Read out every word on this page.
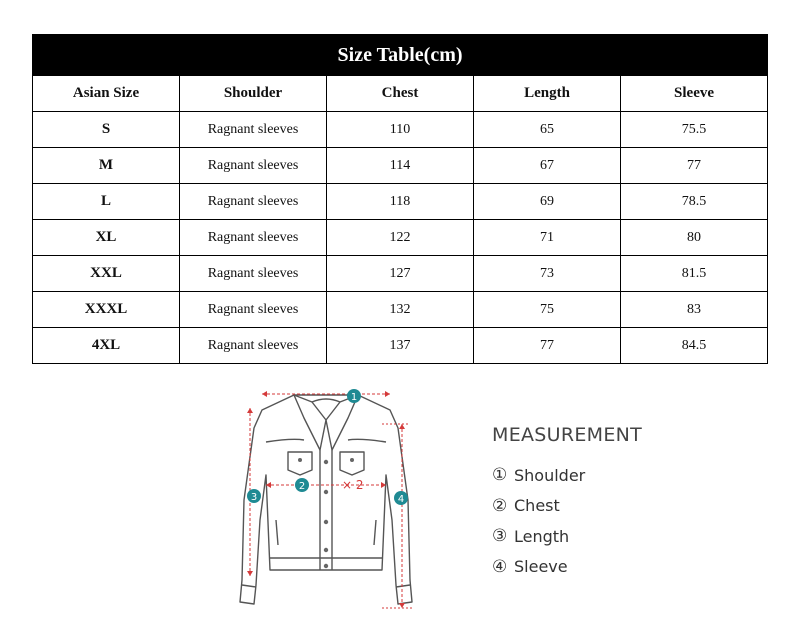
Size Table(cm)				
Asian Size	Shoulder	Chest	Length	Sleeve
S	Ragnant sleeves	110	65	75.5
M	Ragnant sleeves	114	67	77
L	Ragnant sleeves	118	69	78.5
XL	Ragnant sleeves	122	71	80
XXL	Ragnant sleeves	127	73	81.5
XXXL	Ragnant sleeves	132	75	83
4XL	Ragnant sleeves	137	77	84.5
1
2
3	4
× 2
MEASUREMENT
① Shoulder
② Chest
③ Length
④ Sleeve
